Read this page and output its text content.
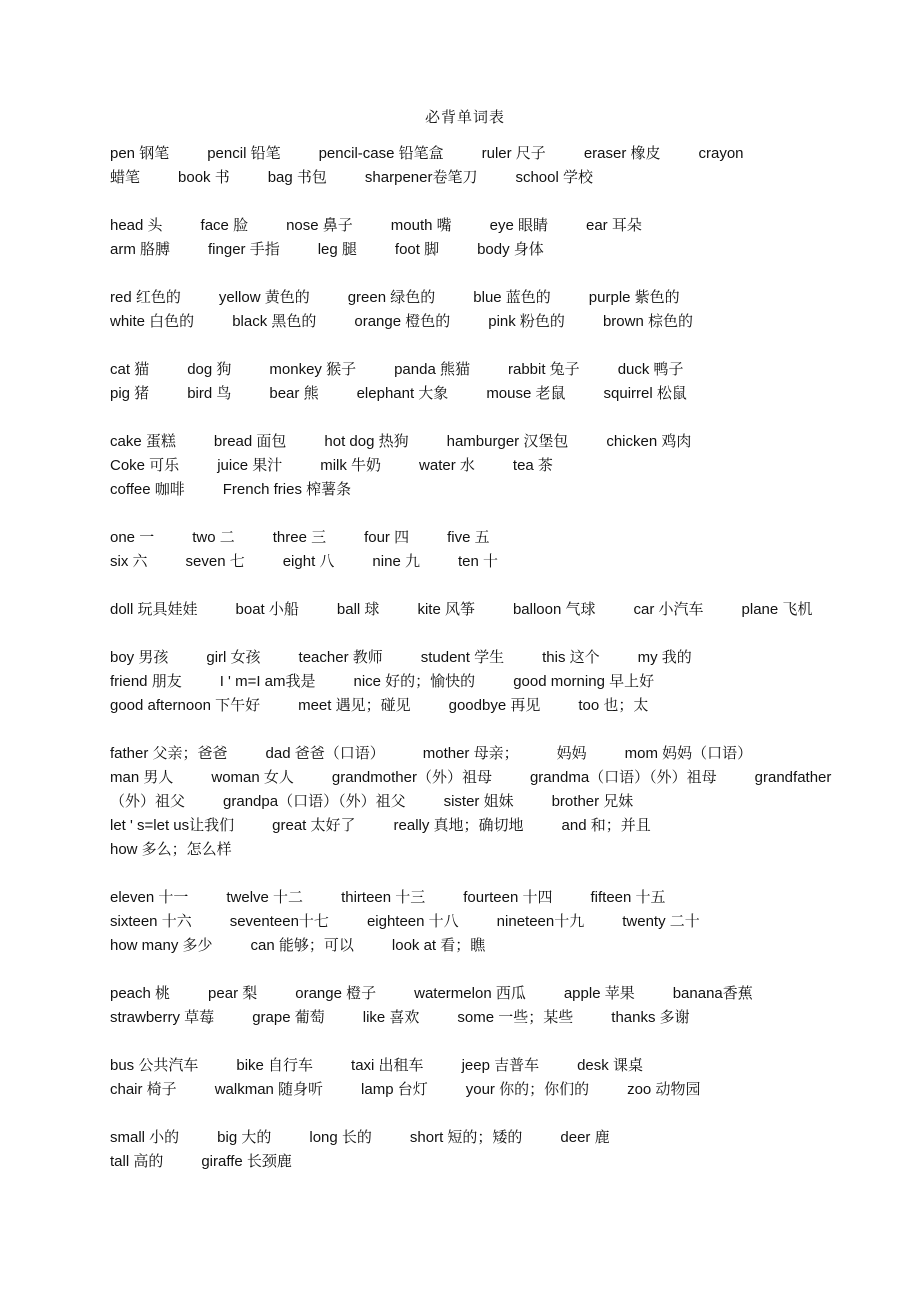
必背单词表
pen 钢笔	pencil 铅笔	pencil-case 铅笔盒	ruler 尺子	eraser 橡皮	crayon
蜡笔	book 书	bag 书包	sharpener卷笔刀	school 学校
head 头	face 脸	nose 鼻子	mouth 嘴	eye 眼睛	ear 耳朵
arm 胳膊	finger 手指	leg 腿	foot 脚	body 身体
red 红色的	yellow 黄色的	green 绿色的	blue 蓝色的	purple 紫色的
white 白色的	black 黑色的	orange 橙色的	pink 粉色的	brown 棕色的
cat 猫	dog 狗	monkey 猴子	panda 熊猫	rabbit 兔子	duck 鸭子
pig 猪	bird 鸟	bear 熊	elephant 大象	mouse 老鼠	squirrel 松鼠
cake 蛋糕	bread 面包	hot dog 热狗	hamburger 汉堡包	chicken 鸡肉
Coke 可乐	juice 果汁	milk 牛奶	water 水	tea 茶
coffee 咖啡	French fries 榨薯条
one 一	two 二	three 三	four 四	five 五
six 六	seven 七	eight 八	nine 九	ten 十
doll 玩具娃娃	boat 小船	ball 球	kite 风筝	balloon 气球	car 小汽车	plane 飞机
boy 男孩	girl 女孩	teacher 教师	student 学生	this 这个	my 我的
friend 朋友	I ' m=I am我是	nice 好的；愉快的	good morning 早上好
good afternoon 下午好	meet 遇见；碰见	goodbye 再见	too 也；太
father 父亲；爸爸	dad 爸爸（口语）	mother 母亲；	妈妈	mom 妈妈（口语）
man 男人	woman 女人	grandmother（外）祖母	grandma（口语）（外）祖母	grandfather
（外）祖父	grandpa（口语）（外）祖父	sister 姐妹	brother 兄妹
let ' s=let us让我们	great 太好了	really 真地；确切地	and 和；并且
how 多么；怎么样
eleven 十一	twelve 十二	thirteen 十三	fourteen 十四	fifteen 十五
sixteen 十六	seventeen十七	eighteen 十八	nineteen十九	twenty 二十
how many 多少	can 能够；可以	look at 看；瞧
peach 桃	pear 梨	orange 橙子	watermelon 西瓜	apple 苹果	banana香蕉
strawberry 草莓	grape 葡萄	like 喜欢	some 一些；某些	thanks 多谢
bus 公共汽车	bike 自行车	taxi 出租车	jeep 吉普车	desk 课桌
chair 椅子	walkman 随身听	lamp 台灯	your 你的；你们的	zoo 动物园
small 小的	big 大的	long 长的	short 短的；矮的	deer 鹿
tall 高的	giraffe 长颈鹿
